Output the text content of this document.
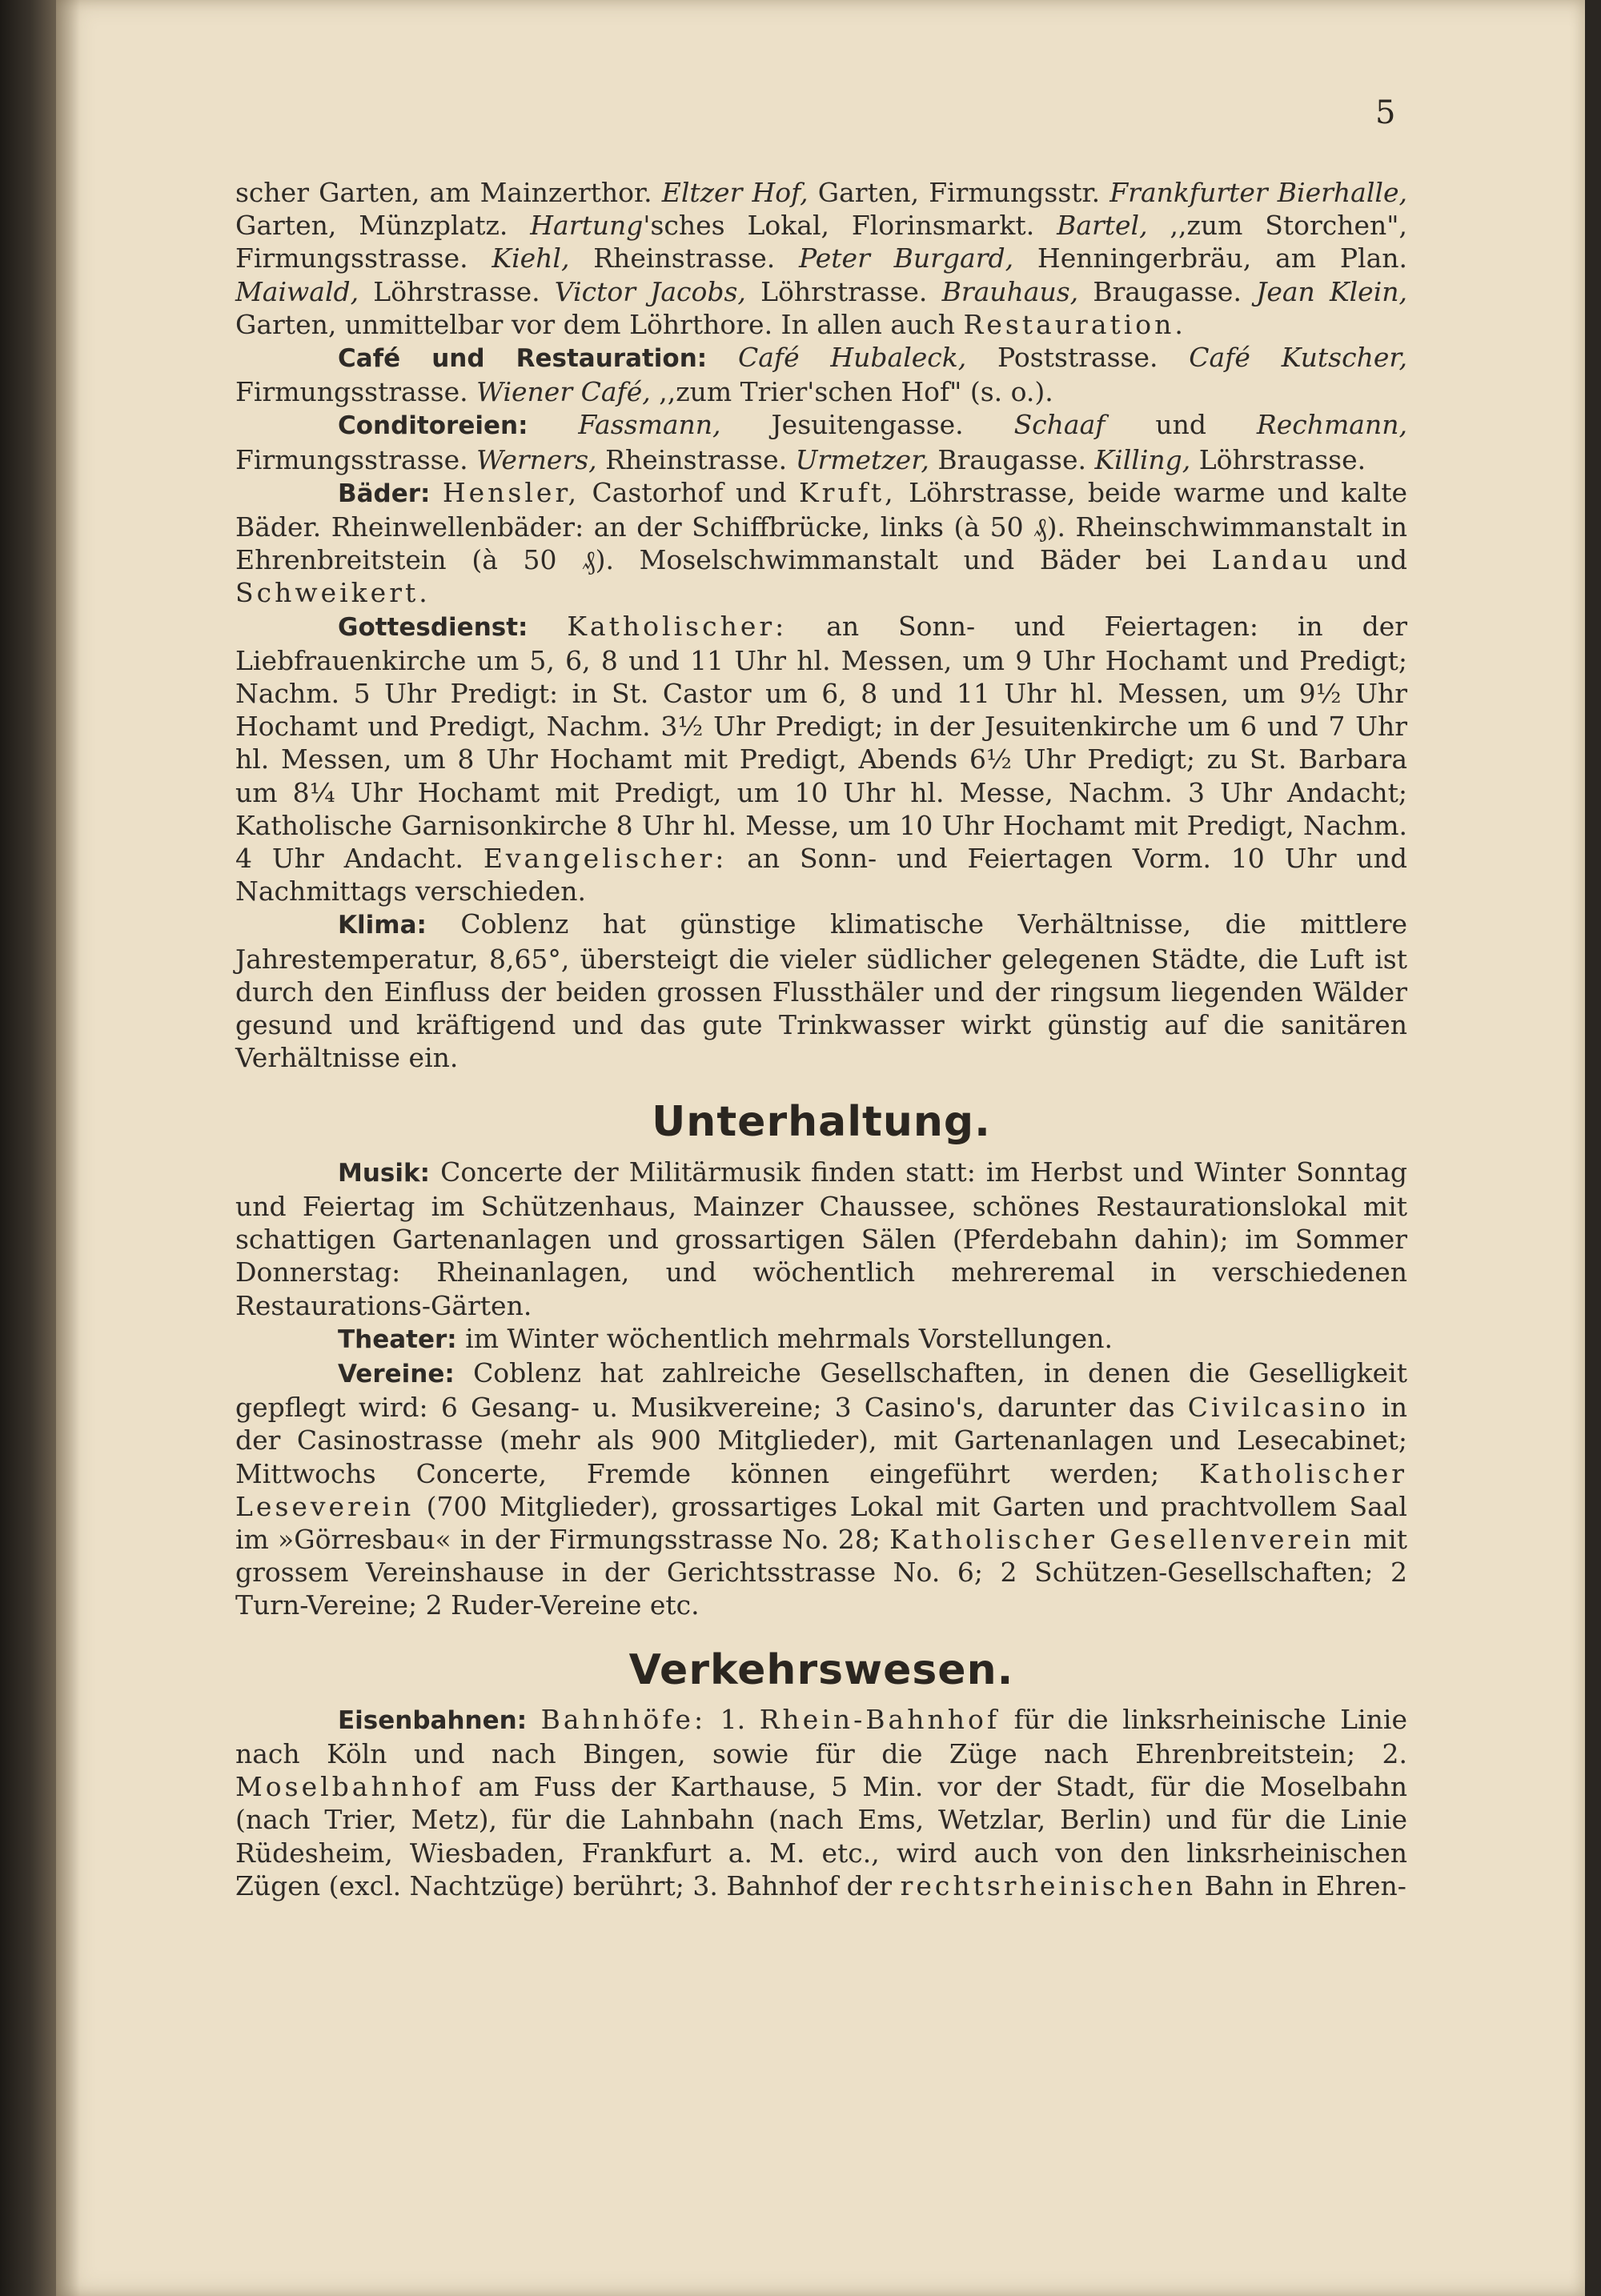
5

scher Garten, am Mainzerthor. Eltzer Hof, Garten, Firmungsstr. Frankfurter Bierhalle, Garten, Münzplatz. Hartung'sches Lokal, Florinsmarkt. Bartel, ,,zum Storchen", Firmungsstrasse. Kiehl, Rheinstrasse. Peter Burgard, Henningerbräu, am Plan. Maiwald, Löhrstrasse. Victor Jacobs, Löhrstrasse. Brauhaus, Braugasse. Jean Klein, Garten, unmittelbar vor dem Löhrthore. In allen auch Restauration.

Café und Restauration: Café Hubaleck, Poststrasse. Café Kutscher, Firmungsstrasse. Wiener Café, ,,zum Trier'schen Hof" (s. o.).

Conditoreien: Fassmann, Jesuitengasse. Schaaf und Rechmann, Firmungsstrasse. Werners, Rheinstrasse. Urmetzer, Braugasse. Killing, Löhrstrasse.

Bäder: Hensler, Castorhof und Kruft, Löhrstrasse, beide warme und kalte Bäder. Rheinwellenbäder: an der Schiffbrücke, links (à 50 ₰). Rheinschwimmanstalt in Ehrenbreitstein (à 50 ₰). Moselschwimmanstalt und Bäder bei Landau und Schweikert.

Gottesdienst: Katholischer: an Sonn- und Feiertagen: in der Liebfrauenkirche um 5, 6, 8 und 11 Uhr hl. Messen, um 9 Uhr Hochamt und Predigt; Nachm. 5 Uhr Predigt: in St. Castor um 6, 8 und 11 Uhr hl. Messen, um 9½ Uhr Hochamt und Predigt, Nachm. 3½ Uhr Predigt; in der Jesuitenkirche um 6 und 7 Uhr hl. Messen, um 8 Uhr Hochamt mit Predigt, Abends 6½ Uhr Predigt; zu St. Barbara um 8¼ Uhr Hochamt mit Predigt, um 10 Uhr hl. Messe, Nachm. 3 Uhr Andacht; Katholische Garnisonkirche 8 Uhr hl. Messe, um 10 Uhr Hochamt mit Predigt, Nachm. 4 Uhr Andacht. Evangelischer: an Sonn- und Feiertagen Vorm. 10 Uhr und Nachmittags verschieden.

Klima: Coblenz hat günstige klimatische Verhältnisse, die mittlere Jahrestemperatur, 8,65°, übersteigt die vieler südlicher gelegenen Städte, die Luft ist durch den Einfluss der beiden grossen Flussthäler und der ringsum liegenden Wälder gesund und kräftigend und das gute Trinkwasser wirkt günstig auf die sanitären Verhältnisse ein.

Unterhaltung.

Musik: Concerte der Militärmusik finden statt: im Herbst und Winter Sonntag und Feiertag im Schützenhaus, Mainzer Chaussee, schönes Restaurationslokal mit schattigen Gartenanlagen und grossartigen Sälen (Pferdebahn dahin); im Sommer Donnerstag: Rheinanlagen, und wöchentlich mehreremal in verschiedenen Restaurations-Gärten.

Theater: im Winter wöchentlich mehrmals Vorstellungen.

Vereine: Coblenz hat zahlreiche Gesellschaften, in denen die Geselligkeit gepflegt wird: 6 Gesang- u. Musikvereine; 3 Casino's, darunter das Civilcasino in der Casinostrasse (mehr als 900 Mitglieder), mit Gartenanlagen und Lesecabinet; Mittwochs Concerte, Fremde können eingeführt werden; Katholischer Leseverein (700 Mitglieder), grossartiges Lokal mit Garten und prachtvollem Saal im »Görresbau« in der Firmungsstrasse No. 28; Katholischer Gesellenverein mit grossem Vereinshause in der Gerichtsstrasse No. 6; 2 Schützen-Gesellschaften; 2 Turn-Vereine; 2 Ruder-Vereine etc.

Verkehrswesen.

Eisenbahnen: Bahnhöfe: 1. Rhein-Bahnhof für die linksrheinische Linie nach Köln und nach Bingen, sowie für die Züge nach Ehrenbreitstein; 2. Moselbahnhof am Fuss der Karthause, 5 Min. vor der Stadt, für die Moselbahn (nach Trier, Metz), für die Lahnbahn (nach Ems, Wetzlar, Berlin) und für die Linie Rüdesheim, Wiesbaden, Frankfurt a. M. etc., wird auch von den linksrheinischen Zügen (excl. Nachtzüge) berührt; 3. Bahnhof der rechtsrheinischen Bahn in Ehren-
